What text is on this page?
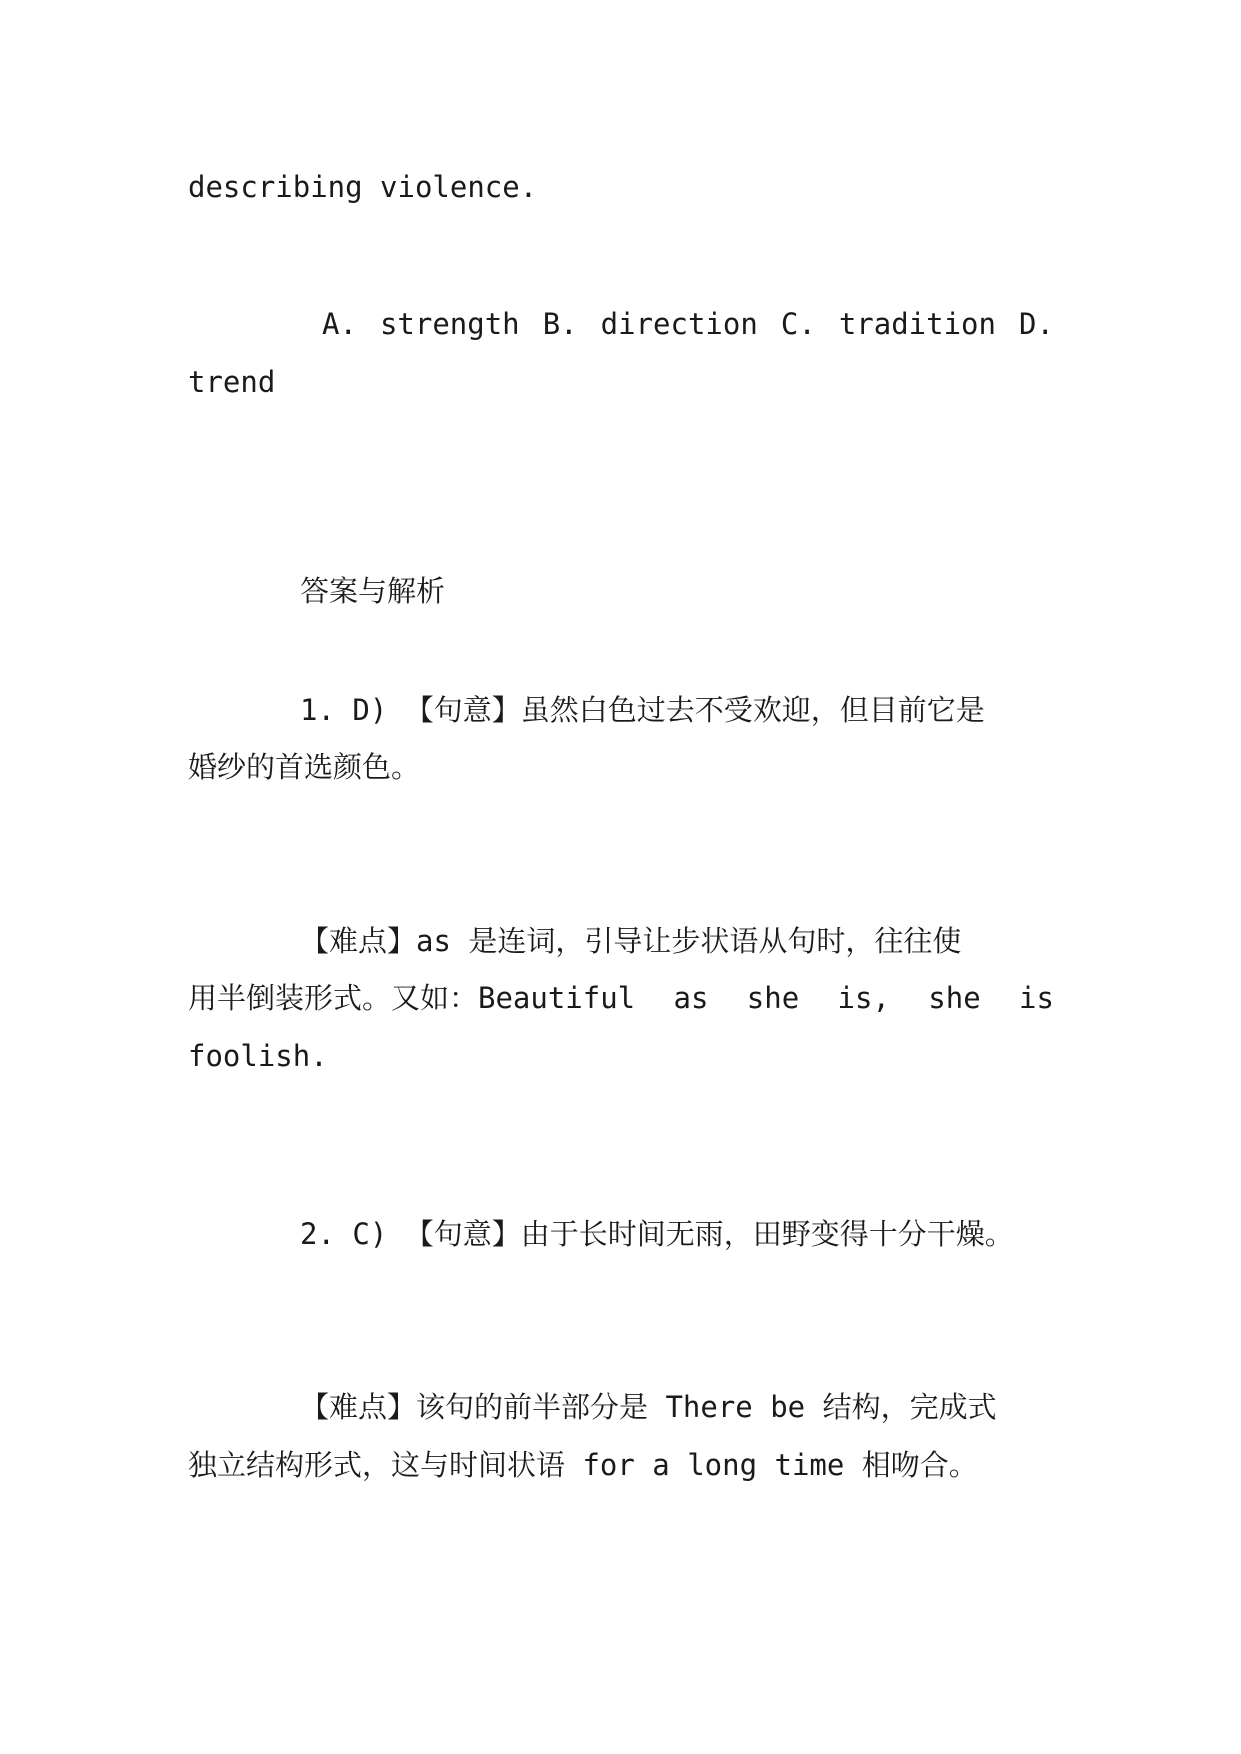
describing violence.
A. strength B. direction C. tradition D.
trend
答案与解析
1. D) 【句意】虽然白色过去不受欢迎，但目前它是
婚纱的首选颜色。
【难点】as 是连词，引导让步状语从句时，往往使
用半倒装形式。又如：Beautiful as she is, she is
foolish.
2. C) 【句意】由于长时间无雨，田野变得十分干燥。
【难点】该句的前半部分是 There be 结构，完成式
独立结构形式，这与时间状语 for a long time 相吻合。
